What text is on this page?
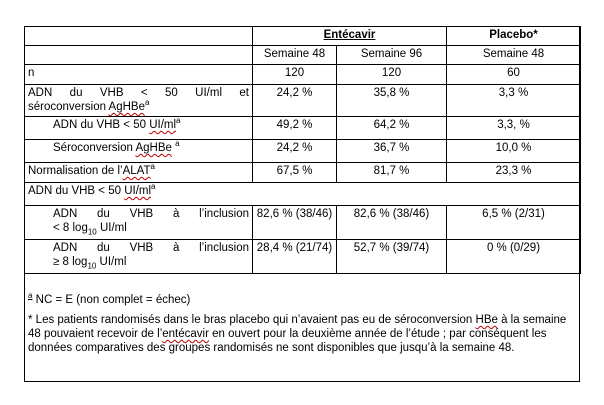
	Entécavir		Placebo*
	Semaine 48	Semaine 96	Semaine 48
n	120	120	60

ADN du VHB < 50 UI/ml et
séroconversion AgHBe$^a$	24,2 %	35,8 %	3,3 %
ADN du VHB < 50 $UI/ml^a$	49,2 %	64,2 %	3,3, %
Séroconversion AgHBe $^a$	24,2 %	36,7 %	10,0 %
Normalisation de l’ALAT$^a$	67,5 %	81,7 %	23,3 %
ADN du VHB < 50 $UI/ml^a$

ADN du VHB à l’inclusion
< 8 $\log_{10} UI/ml$	82,6 % (38/46)	82,6 % (38/46)	6,5 % (2/31)

ADN du VHB à l’inclusion
≥ 8 $\log_{10} UI/ml$	28,4 % (21/74)	52,7 % (39/74)	0 % (0/29)

$^a$ NC = E (non complet = échec)

* Les patients randomisés dans le bras placebo qui n’avaient pas eu de séroconversion HBe à la semaine 48 pouvaient recevoir de l’entécavir en ouvert pour la deuxième année de l’étude ; par conséquent les données comparatives des groupes randomisés ne sont disponibles que jusqu’à la semaine 48.
